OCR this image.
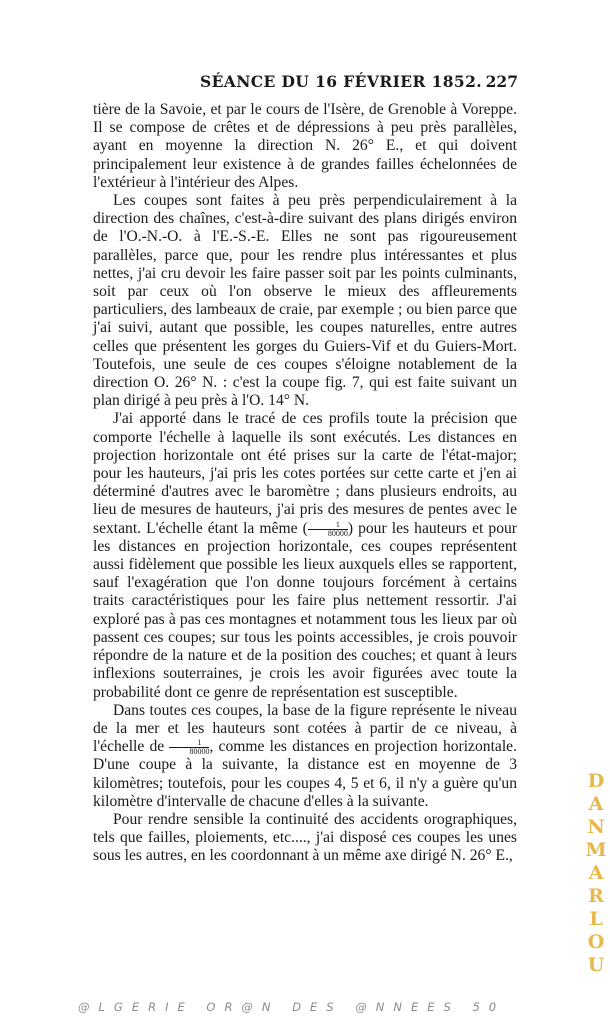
SÉANCE DU 16 FÉVRIER 1852. 227

tière de la Savoie, et par le cours de l'Isère, de Grenoble à Voreppe. Il se compose de crêtes et de dépressions à peu près parallèles, ayant en moyenne la direction N. 26° E., et qui doivent principalement leur existence à de grandes failles échelonnées de l'extérieur à l'intérieur des Alpes.

Les coupes sont faites à peu près perpendiculairement à la direction des chaînes, c'est-à-dire suivant des plans dirigés environ de l'O.-N.-O. à l'E.-S.-E. Elles ne sont pas rigoureusement parallèles, parce que, pour les rendre plus intéressantes et plus nettes, j'ai cru devoir les faire passer soit par les points culminants, soit par ceux où l'on observe le mieux des affleurements particuliers, des lambeaux de craie, par exemple ; ou bien parce que j'ai suivi, autant que possible, les coupes naturelles, entre autres celles que présentent les gorges du Guiers-Vif et du Guiers-Mort. Toutefois, une seule de ces coupes s'éloigne notablement de la direction O. 26° N. : c'est la coupe fig. 7, qui est faite suivant un plan dirigé à peu près à l'O. 14° N.

J'ai apporté dans le tracé de ces profils toute la précision que comporte l'échelle à laquelle ils sont exécutés. Les distances en projection horizontale ont été prises sur la carte de l'état-major; pour les hauteurs, j'ai pris les cotes portées sur cette carte et j'en ai déterminé d'autres avec le baromètre ; dans plusieurs endroits, au lieu de mesures de hauteurs, j'ai pris des mesures de pentes avec le sextant. L'échelle étant la même ( $\frac{1}{80000}$ ) pour les hauteurs et pour les distances en projection horizontale, ces coupes représentent aussi fidèlement que possible les lieux auxquels elles se rapportent, sauf l'exagération que l'on donne toujours forcément à certains traits caractéristiques pour les faire plus nettement ressortir. J'ai exploré pas à pas ces montagnes et notamment tous les lieux par où passent ces coupes; sur tous les points accessibles, je crois pouvoir répondre de la nature et de la position des couches; et quant à leurs inflexions souterraines, je crois les avoir figurées avec toute la probabilité dont ce genre de représentation est susceptible.

Dans toutes ces coupes, la base de la figure représente le niveau de la mer et les hauteurs sont cotées à partir de ce niveau, à l'échelle de $\frac{1}{80000}$ , comme les distances en projection horizontale. D'une coupe à la suivante, la distance est en moyenne de 3 kilomètres; toutefois, pour les coupes 4, 5 et 6, il n'y a guère qu'un kilomètre d'intervalle de chacune d'elles à la suivante.

Pour rendre sensible la continuité des accidents orographiques, tels que failles, ploiements, etc...., j'ai disposé ces coupes les unes sous les autres, en les coordonnant à un même axe dirigé N. 26° E.,

DANMARLOU
@LGERIE OR@N DES @NNEES 50
